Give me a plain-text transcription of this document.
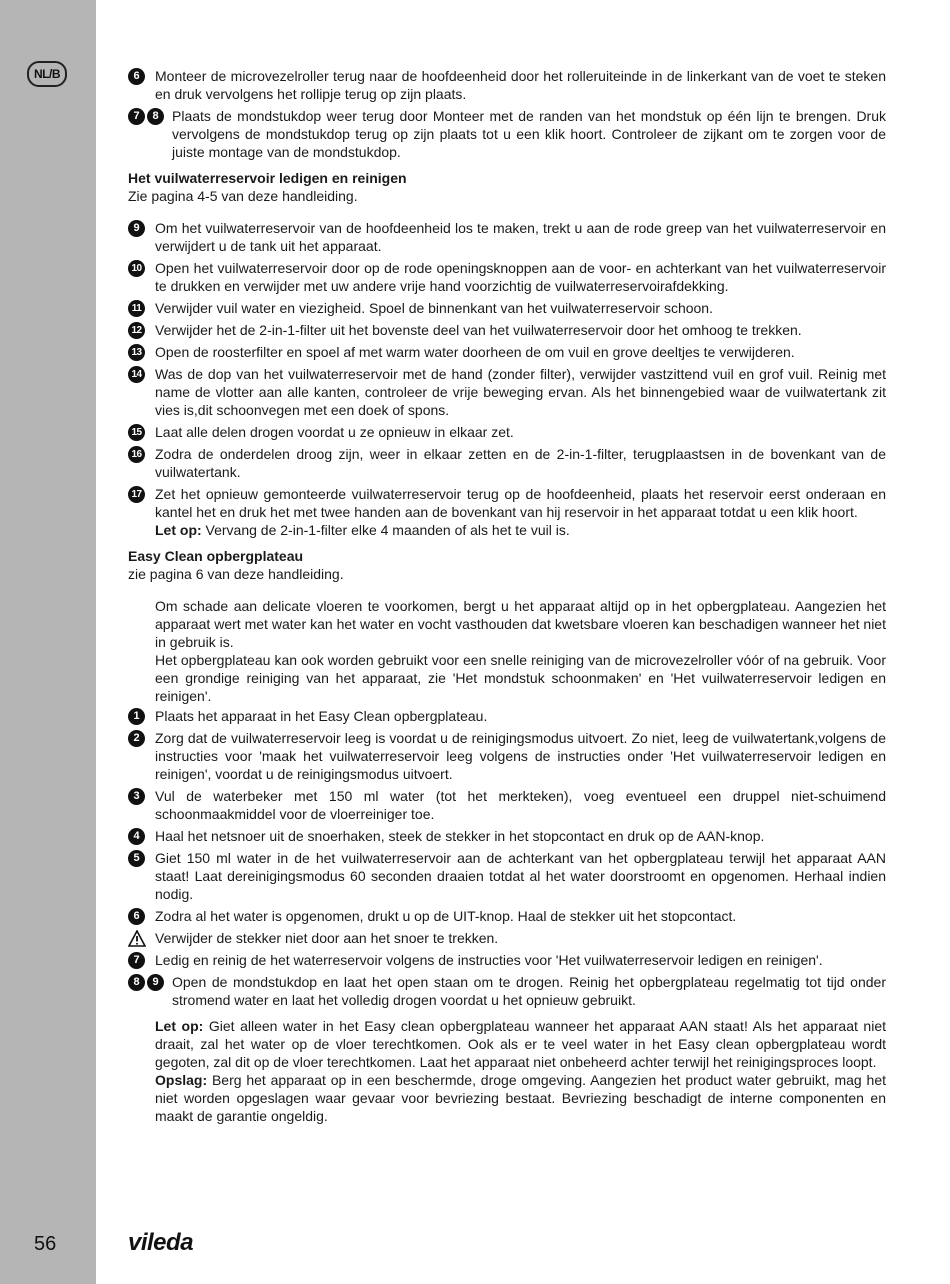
NL/B
56
6	Monteer de microvezelroller terug naar de hoofdeenheid door het rolleruiteinde in de linkerkant van de voet te steken en druk vervolgens het rollipje terug op zijn plaats.
7	8 Plaats de mondstukdop weer terug door Monteer met de randen van het mondstuk op één lijn te brengen. Druk vervolgens de mondstukdop terug op zijn plaats tot u een klik hoort. Controleer de zijkant om te zorgen voor de juiste montage van de mondstukdop.
Het vuilwaterreservoir ledigen en reinigen
Zie pagina 4-5 van deze handleiding.
9	Om het vuilwaterreservoir van de hoofdeenheid los te maken, trekt u aan de rode greep van het vuilwaterreservoir en verwijdert u de tank uit het apparaat.
10 Open het vuilwaterreservoir door op de rode openingsknoppen aan de voor- en achterkant van het vuilwaterreservoir te drukken en verwijder met uw andere vrije hand voorzichtig de vuilwaterreservoirafdekking.
11 Verwijder vuil water en viezigheid. Spoel de binnenkant van het vuilwaterreservoir schoon.
12 Verwijder het de 2-in-1-filter uit het bovenste deel van het vuilwaterreservoir door het omhoog te trekken.
13 Open de roosterfilter en spoel af met warm water doorheen de om vuil en grove deeltjes te verwijderen.
14 Was de dop van het vuilwaterreservoir met de hand (zonder filter), verwijder vastzittend vuil en grof vuil. Reinig met name de vlotter aan alle kanten, controleer de vrije beweging ervan. Als het binnengebied waar de vuilwatertank zit vies is,dit schoonvegen met een doek of spons.
15 Laat alle delen drogen voordat u ze opnieuw in elkaar zet.
16 Zodra de onderdelen droog zijn, weer in elkaar zetten en de 2-in-1-filter, terugplaastsen in de bovenkant van de vuilwatertank.
17 Zet het opnieuw gemonteerde vuilwaterreservoir terug op de hoofdeenheid, plaats het reservoir eerst onderaan en kantel het en druk het met twee handen aan de bovenkant van hij reservoir in het apparaat totdat u een klik hoort.
Let op: Vervang de 2-in-1-filter elke 4 maanden of als het te vuil is.
Easy Clean opbergplateau
zie pagina 6 van deze handleiding.
Om schade aan delicate vloeren te voorkomen, bergt u het apparaat altijd op in het opbergplateau. Aangezien het apparaat wert met water kan het water en vocht vasthouden dat kwetsbare vloeren kan beschadigen wanneer het niet in gebruik is.
Het opbergplateau kan ook worden gebruikt voor een snelle reiniging van de microvezelroller vóór of na gebruik. Voor een grondige reiniging van het apparaat, zie 'Het mondstuk schoonmaken' en 'Het vuilwaterreservoir ledigen en reinigen'.
1	Plaats het apparaat in het Easy Clean opbergplateau.
2	Zorg dat de vuilwaterreservoir leeg is voordat u de reinigingsmodus uitvoert. Zo niet, leeg de vuilwatertank,volgens de instructies voor 'maak het vuilwaterreservoir leeg volgens de instructies onder 'Het vuilwaterreservoir ledigen en reinigen', voordat u de reinigingsmodus uitvoert.
3	Vul de waterbeker met 150 ml water (tot het merkteken), voeg eventueel een druppel niet-schuimend schoonmaakmiddel voor de vloerreiniger toe.
4	Haal het netsnoer uit de snoerhaken, steek de stekker in het stopcontact en druk op de AAN-knop.
5	Giet 150 ml water in de het vuilwaterreservoir aan de achterkant van het opbergplateau terwijl het apparaat AAN staat! Laat dereinigingsmodus 60 seconden draaien totdat al het water doorstroomt en opgenomen. Herhaal indien nodig.
6	Zodra al het water is opgenomen, drukt u op de UIT-knop. Haal de stekker uit het stopcontact.
Verwijder de stekker niet door aan het snoer te trekken.
7	Ledig en reinig de het waterreservoir volgens de instructies voor 'Het vuilwaterreservoir ledigen en reinigen'.
8	9 Open de mondstukdop en laat het open staan om te drogen. Reinig het opbergplateau regelmatig tot tijd onder stromend water en laat het volledig drogen voordat u het opnieuw gebruikt.
Let op: Giet alleen water in het Easy clean opbergplateau wanneer het apparaat AAN staat! Als het apparaat niet draait, zal het water op de vloer terechtkomen. Ook als er te veel water in het Easy clean opbergplateau wordt gegoten, zal dit op de vloer terechtkomen. Laat het apparaat niet onbeheerd achter terwijl het reinigingsproces loopt.
Opslag: Berg het apparaat op in een beschermde, droge omgeving. Aangezien het product water gebruikt, mag het niet worden opgeslagen waar gevaar voor bevriezing bestaat. Bevriezing beschadigt de interne componenten en maakt de garantie ongeldig.
vileda
